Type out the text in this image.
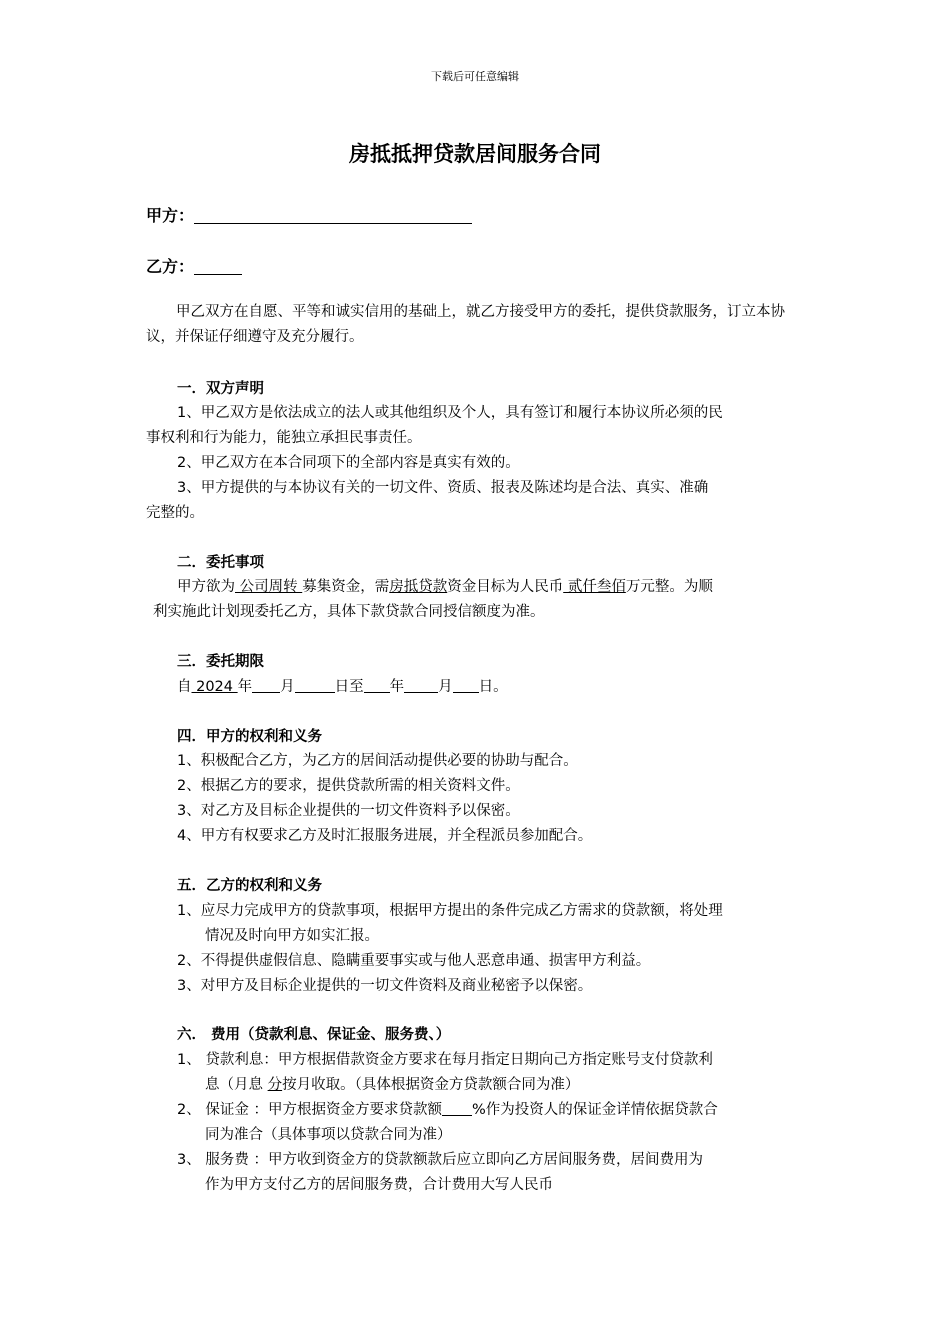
下载后可任意编辑
房抵抵押贷款居间服务合同
甲方：
乙方：
甲乙双方在自愿、平等和诚实信用的基础上，就乙方接受甲方的委托，提供贷款服务，订立本协议，并保证仔细遵守及充分履行。
一．双方声明
1、甲乙双方是依法成立的法人或其他组织及个人，具有签订和履行本协议所必须的民
事权利和行为能力，能独立承担民事责任。
2、甲乙双方在本合同项下的全部内容是真实有效的。
3、甲方提供的与本协议有关的一切文件、资质、报表及陈述均是合法、真实、准确
完整的。
二．委托事项
甲方欲为 公司周转 募集资金，需房抵贷款资金目标为人民币 贰仟叁佰万元整。为顺
利实施此计划现委托乙方，具体下款贷款合同授信额度为准。
三．委托期限
自 2024 年 月	日至 年 月 日。
四．甲方的权利和义务
1、积极配合乙方，为乙方的居间活动提供必要的协助与配合。
2、根据乙方的要求，提供贷款所需的相关资料文件。
3、对乙方及目标企业提供的一切文件资料予以保密。
4、甲方有权要求乙方及时汇报服务进展，并全程派员参加配合。
五．乙方的权利和义务
1、应尽力完成甲方的贷款事项，根据甲方提出的条件完成乙方需求的贷款额，将处理
情况及时向甲方如实汇报。
2、不得提供虚假信息、隐瞒重要事实或与他人恶意串通、损害甲方利益。
3、对甲方及目标企业提供的一切文件资料及商业秘密予以保密。
六． 费用（贷款利息、保证金、服务费、）
1、 贷款利息：甲方根据借款资金方要求在每月指定日期向己方指定账号支付贷款利
息（月息 分按月收取。（具体根据资金方贷款额合同为准）
2、 保证金 ：甲方根据资金方要求贷款额 %作为投资人的保证金详情依据贷款合
同为准合（具体事项以贷款合同为准）
3、 服务费 ：甲方收到资金方的贷款额款后应立即向乙方居间服务费，居间费用为
作为甲方支付乙方的居间服务费，合计费用大写人民币
